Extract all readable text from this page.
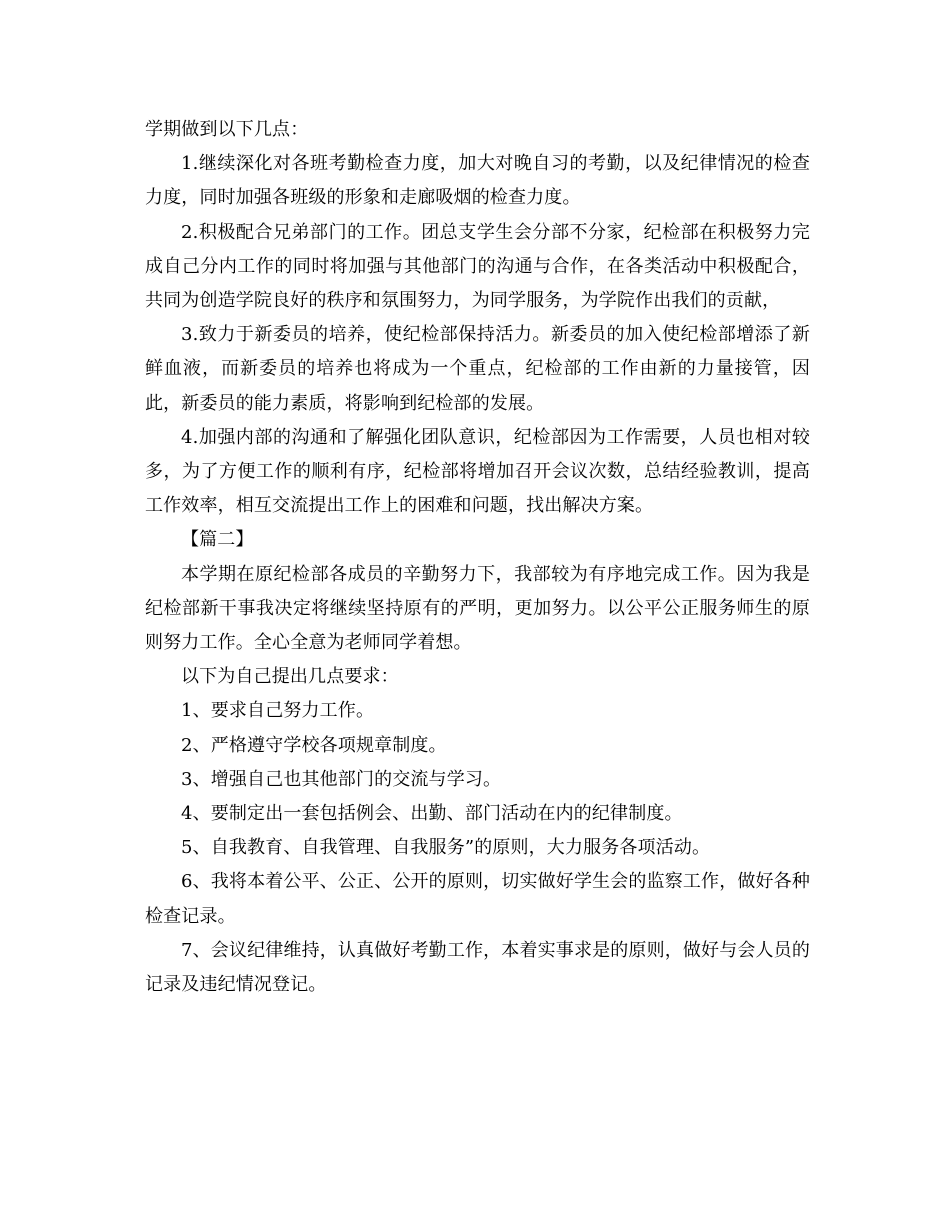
学期做到以下几点：

1.继续深化对各班考勤检查力度，加大对晚自习的考勤，以及纪律情况的检查力度，同时加强各班级的形象和走廊吸烟的检查力度。

2.积极配合兄弟部门的工作。团总支学生会分部不分家，纪检部在积极努力完成自己分内工作的同时将加强与其他部门的沟通与合作，在各类活动中积极配合，共同为创造学院良好的秩序和氛围努力，为同学服务，为学院作出我们的贡献，

3.致力于新委员的培养，使纪检部保持活力。新委员的加入使纪检部增添了新鲜血液，而新委员的培养也将成为一个重点，纪检部的工作由新的力量接管，因此，新委员的能力素质，将影响到纪检部的发展。

4.加强内部的沟通和了解强化团队意识，纪检部因为工作需要，人员也相对较多，为了方便工作的顺利有序，纪检部将增加召开会议次数，总结经验教训，提高工作效率，相互交流提出工作上的困难和问题，找出解决方案。

【篇二】

本学期在原纪检部各成员的辛勤努力下，我部较为有序地完成工作。因为我是纪检部新干事我决定将继续坚持原有的严明，更加努力。以公平公正服务师生的原则努力工作。全心全意为老师同学着想。

以下为自己提出几点要求：

1、要求自己努力工作。

2、严格遵守学校各项规章制度。

3、增强自己也其他部门的交流与学习。

4、要制定出一套包括例会、出勤、部门活动在内的纪律制度。

5、自我教育、自我管理、自我服务”的原则，大力服务各项活动。

6、我将本着公平、公正、公开的原则，切实做好学生会的监察工作，做好各种检查记录。

7、会议纪律维持，认真做好考勤工作，本着实事求是的原则，做好与会人员的记录及违纪情况登记。
